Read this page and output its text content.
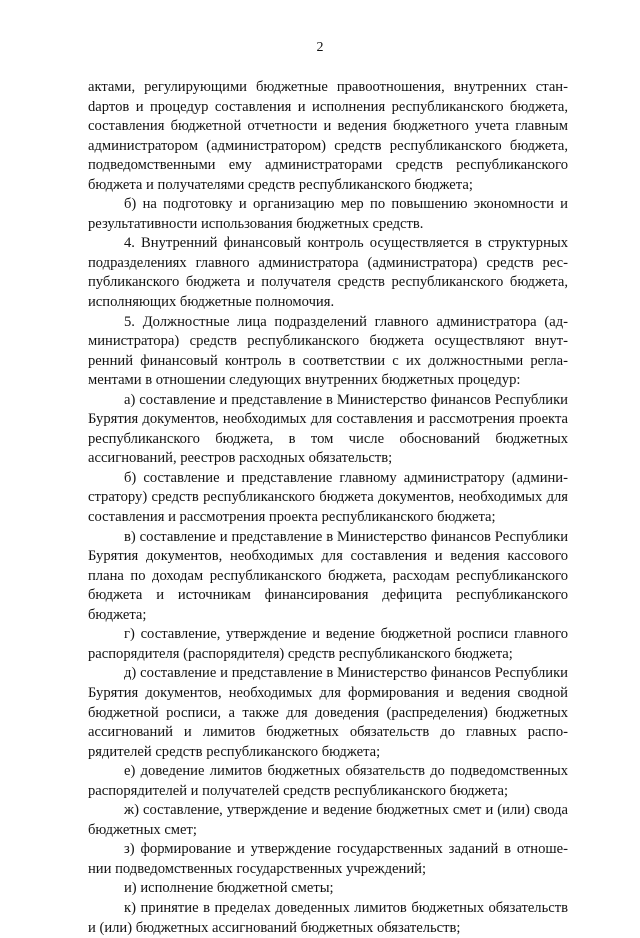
2

актами, регулирующими бюджетные правоотношения, внутренних станdартов и процедур составления и исполнения республиканского бюджета, составления бюджетной отчетности и ведения бюджетного учета главным администратором (администратором) средств республиканского бюджета, подведомственными ему администраторами средств республиканского бюджета и получателями средств республиканского бюджета;

б) на подготовку и организацию мер по повышению экономности и результативности использования бюджетных средств.

4. Внутренний финансовый контроль осуществляется в структурных подразделениях главного администратора (администратора) средств республиканского бюджета и получателя средств республиканского бюджета, исполняющих бюджетные полномочия.

5. Должностные лица подразделений главного администратора (администратора) средств республиканского бюджета осуществляют внутренний финансовый контроль в соответствии с их должностными регламентами в отношении следующих внутренних бюджетных процедур:

а) составление и представление в Министерство финансов Республики Бурятия документов, необходимых для составления и рассмотрения проекта республиканского бюджета, в том числе обоснований бюджетных ассигнований, реестров расходных обязательств;

б) составление и представление главному администратору (администратору) средств республиканского бюджета документов, необходимых для составления и рассмотрения проекта республиканского бюджета;

в) составление и представление в Министерство финансов Республики Бурятия документов, необходимых для составления и ведения кассового плана по доходам республиканского бюджета, расходам республиканского бюджета и источникам финансирования дефицита республиканского бюджета;

г) составление, утверждение и ведение бюджетной росписи главного распорядителя (распорядителя) средств республиканского бюджета;

д) составление и представление в Министерство финансов Республики Бурятия документов, необходимых для формирования и ведения сводной бюджетной росписи, а также для доведения (распределения) бюджетных ассигнований и лимитов бюджетных обязательств до главных распорядителей средств республиканского бюджета;

е) доведение лимитов бюджетных обязательств до подведомственных распорядителей и получателей средств республиканского бюджета;

ж) составление, утверждение и ведение бюджетных смет и (или) свода бюджетных смет;

з) формирование и утверждение государственных заданий в отношении подведомственных государственных учреждений;

и) исполнение бюджетной сметы;

к) принятие в пределах доведенных лимитов бюджетных обязательств и (или) бюджетных ассигнований бюджетных обязательств;
